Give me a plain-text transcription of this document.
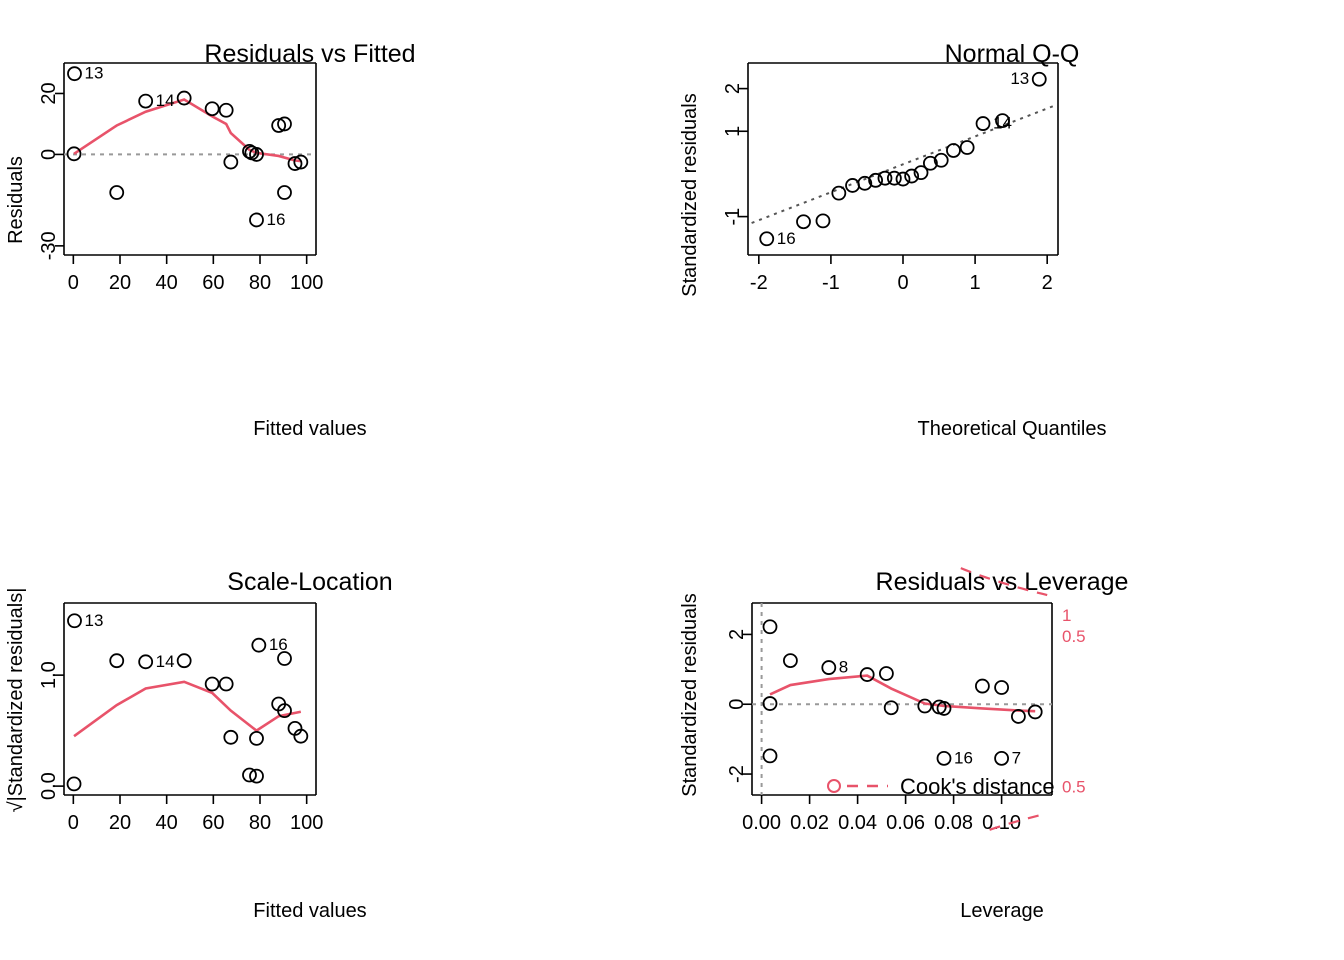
Residuals vs Fitted
Residuals
Fitted values
0 20 40 60 80 100
-30
0
20
13
14
16
Normal Q-Q
Standardized residuals
Theoretical Quantiles
-2	-1	0	1	2
-1
1
2
13
14
16
Scale-Location
√|Standardized residuals|
Fitted values
0 20 40 60 80 100
0.0
1.0
13
14
16
Residuals vs Leverage
Standardized residuals
Leverage
0.00 0.02 0.04 0.06 0.08 0.10
-2
0
2
1
0.5
0.5
8
16 7
Cook's distance
